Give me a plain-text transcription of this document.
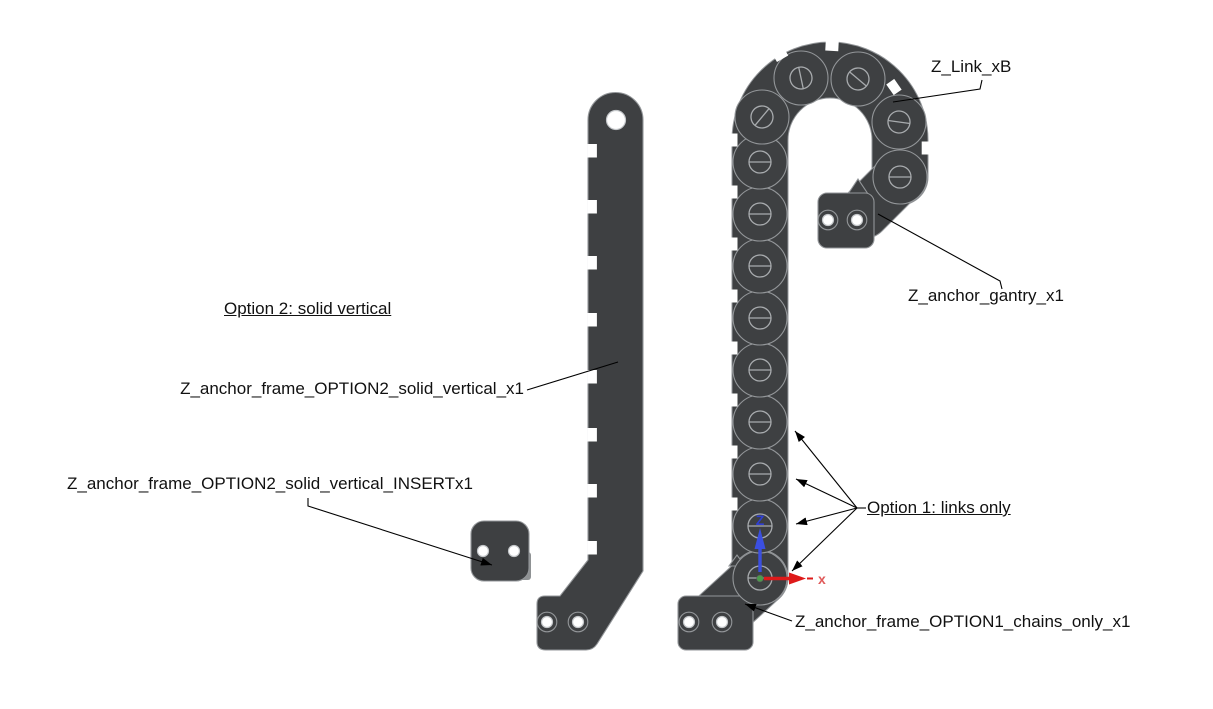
Z
x
Option 2: solid vertical
Z_anchor_frame_OPTION2_solid_vertical_x1
Z_anchor_frame_OPTION2_solid_vertical_INSERTx1
Z_Link_xB
Z_anchor_gantry_x1
Option 1: links only
Z_anchor_frame_OPTION1_chains_only_x1
